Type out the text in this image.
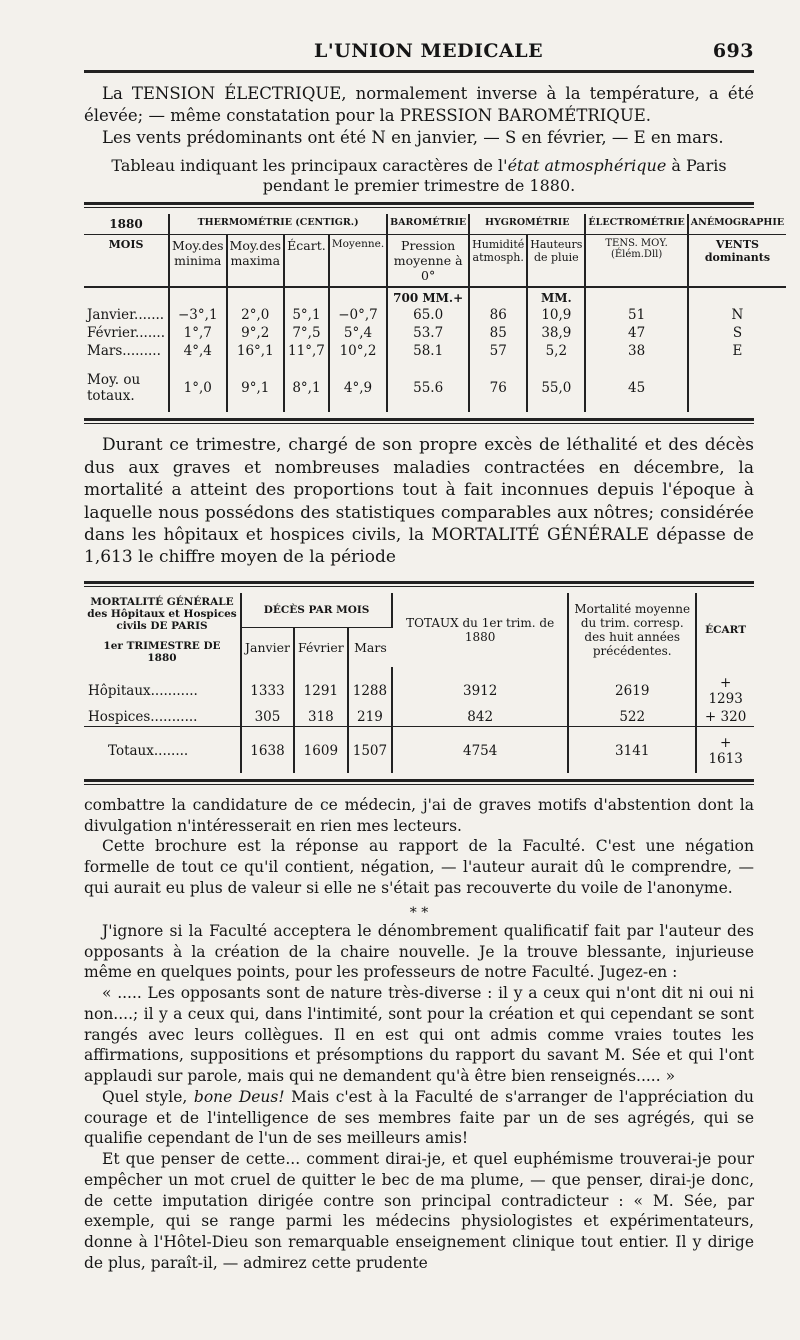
L'UNION MEDICALE	693

La TENSION ÉLECTRIQUE, normalement inverse à la température, a été élevée; — même constatation pour la PRESSION BAROMÉTRIQUE.

Les vents prédominants ont été N en janvier, — S en février, — E en mars.

Tableau indiquant les principaux caractères de l'état atmosphérique à Paris pendant le premier trimestre de 1880.
1880	THERMOMÉTRIE (CENTIGR.)				BAROMÉTRIE	HYGROMÉTRIE		ÉLECTROMÉTRIE	ANÉMOGRAPHIE
MOIS	Moy.des minima	Moy.des maxima	Écart.	Moyenne.	Pression moyenne à 0°	Humidité atmosph.	Hauteurs de pluie	TENS. MOY. (Élém.Dll)	VENTS dominants
					700 MM.+		MM.		
Janvier.......	−3°,1	2°,0	5°,1	−0°,7	65.0	86	10,9	51	N
Février.......	1°,7	9°,2	7°,5	5°,4	53.7	85	38,9	47	S
Mars.........	4°,4	16°,1	11°,7	10°,2	58.1	57	5,2	38	E
Moy. ou totaux.	1°,0	9°,1	8°,1	4°,9	55.6	76	55,0	45	

Durant ce trimestre, chargé de son propre excès de léthalité et des décès dus aux graves et nombreuses maladies contractées en décembre, la mortalité a atteint des proportions tout à fait inconnues depuis l'époque à laquelle nous possédons des statistiques comparables aux nôtres; considérée dans les hôpitaux et hospices civils, la MORTALITÉ GÉNÉRALE dépasse de 1,613 le chiffre moyen de la période

MORTALITÉ GÉNÉRALE des Hôpitaux et Hospices civils DE PARIS
1er TRIMESTRE DE 1880	DÉCÈS PAR MOIS			TOTAUX du 1er trim. de 1880	Mortalité moyenne du trim. corresp. des huit années précédentes.	ÉCART
	Janvier	Février	Mars			
Hôpitaux...........	1333	1291	1288	3912	2619	+ 1293
Hospices...........	305	318	219	842	522	+ 320
Totaux........	1638	1609	1507	4754	3141	+ 1613

combattre la candidature de ce médecin, j'ai de graves motifs d'abstention dont la divulgation n'intéresserait en rien mes lecteurs.

Cette brochure est la réponse au rapport de la Faculté. C'est une négation formelle de tout ce qu'il contient, négation, — l'auteur aurait dû le comprendre, — qui aurait eu plus de valeur si elle ne s'était pas recouverte du voile de l'anonyme.

* *

J'ignore si la Faculté acceptera le dénombrement qualificatif fait par l'auteur des opposants à la création de la chaire nouvelle. Je la trouve blessante, injurieuse même en quelques points, pour les professeurs de notre Faculté. Jugez-en :

« ..... Les opposants sont de nature très-diverse : il y a ceux qui n'ont dit ni oui ni non....; il y a ceux qui, dans l'intimité, sont pour la création et qui cependant se sont rangés avec leurs collègues. Il en est qui ont admis comme vraies toutes les affirmations, suppositions et présomptions du rapport du savant M. Sée et qui l'ont applaudi sur parole, mais qui ne demandent qu'à être bien renseignés..... »

Quel style, bone Deus! Mais c'est à la Faculté de s'arranger de l'appréciation du courage et de l'intelligence de ses membres faite par un de ses agrégés, qui se qualifie cependant de l'un de ses meilleurs amis!

Et que penser de cette... comment dirai-je, et quel euphémisme trouverai-je pour empêcher un mot cruel de quitter le bec de ma plume, — que penser, dirai-je donc, de cette imputation dirigée contre son principal contradicteur : « M. Sée, par exemple, qui se range parmi les médecins physiologistes et expérimentateurs, donne à l'Hôtel-Dieu son remarquable enseignement clinique tout entier. Il y dirige de plus, paraît-il, — admirez cette prudente
